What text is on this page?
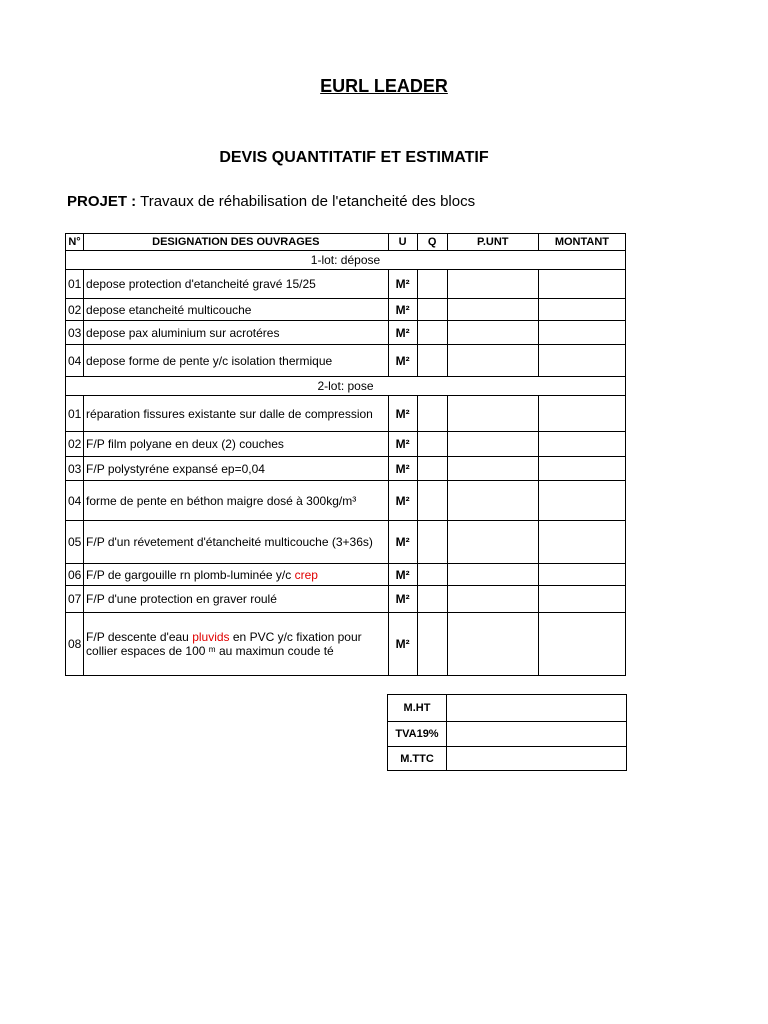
EURL LEADER
DEVIS QUANTITATIF ET ESTIMATIF
PROJET : Travaux de réhabilisation de l'etancheité des blocs
N°	DESIGNATION DES OUVRAGES	U	Q	P.UNT	MONTANT
1-lot: dépose					
01	depose protection d'etancheité gravé 15/25	M²			
02	depose etancheité multicouche	M²			
03	depose pax aluminium sur acrotéres	M²			
04	depose forme de pente y/c isolation thermique	M²			
2-lot: pose					
01	réparation fissures existante sur dalle de compression	M²			
02	F/P film polyane en deux (2) couches	M²			
03	F/P polystyréne expansé ep=0,04	M²			
04	forme de pente en béthon maigre dosé à 300kg/m³	M²			
05	F/P d'un révetement d'étancheité multicouche (3+36s)	M²			
06	F/P de gargouille rn plomb-luminée y/c crep	M²			
07	F/P d'une protection en graver roulé	M²			
08	F/P descente d'eau pluvids en PVC y/c fixation pour collier espaces de 100 ᵐ au maximun coude té	M²			
M.HT	
TVA19%	
M.TTC	
